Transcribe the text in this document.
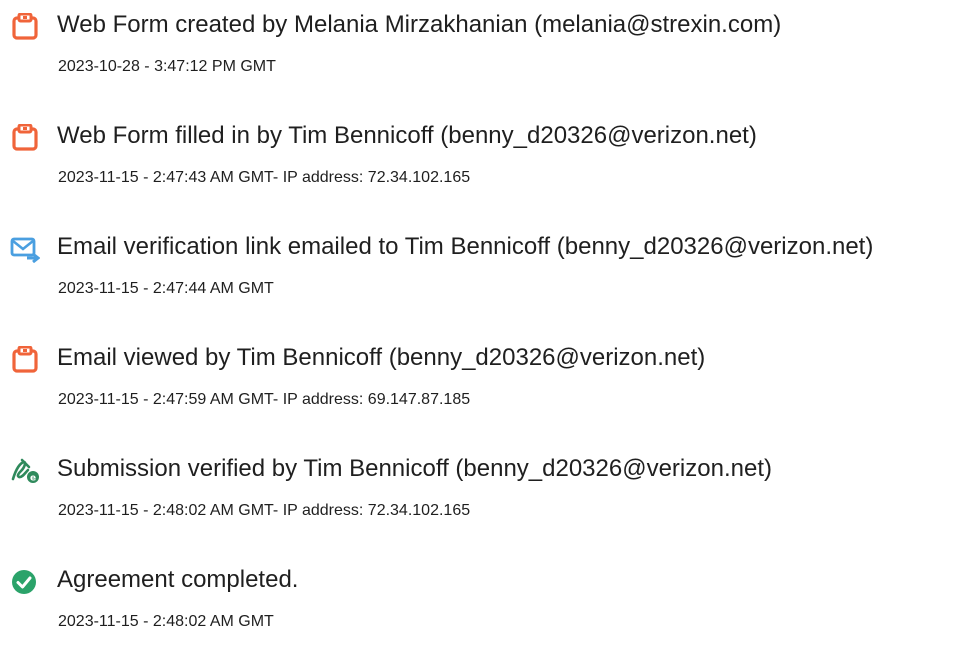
Web Form created by Melania Mirzakhanian (melania@strexin.com)
2023-10-28 - 3:47:12 PM GMT
Web Form filled in by Tim Bennicoff (benny_d20326@verizon.net)
2023-11-15 - 2:47:43 AM GMT- IP address: 72.34.102.165
Email verification link emailed to Tim Bennicoff (benny_d20326@verizon.net)
2023-11-15 - 2:47:44 AM GMT
Email viewed by Tim Bennicoff (benny_d20326@verizon.net)
2023-11-15 - 2:47:59 AM GMT- IP address: 69.147.87.185
e Submission verified by Tim Bennicoff (benny_d20326@verizon.net)
2023-11-15 - 2:48:02 AM GMT- IP address: 72.34.102.165
Agreement completed.
2023-11-15 - 2:48:02 AM GMT
